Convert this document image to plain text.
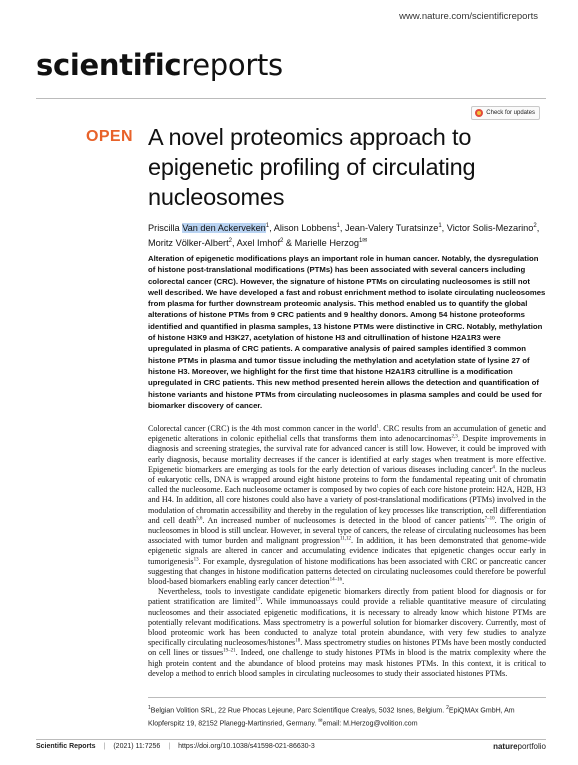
www.nature.com/scientificreports
scientificreports
Check for updates
OPEN A novel proteomics approach to epigenetic profiling of circulating nucleosomes
Priscilla Van den Ackerveken$^1$, Alison Lobbens$^1$, Jean-Valery Turatsinze$^1$, Victor Solis-Mezarino$^2$, Moritz Völker-Albert$^2$, Axel Imhof$^2$ & Marielle Herzog$^{1✉}$

Alteration of epigenetic modifications plays an important role in human cancer. Notably, the dysregulation of histone post-translational modifications (PTMs) has been associated with several cancers including colorectal cancer (CRC). However, the signature of histone PTMs on circulating nucleosomes is still not well described. We have developed a fast and robust enrichment method to isolate circulating nucleosomes from plasma for further downstream proteomic analysis. This method enabled us to quantify the global alterations of histone PTMs from 9 CRC patients and 9 healthy donors. Among 54 histone proteoforms identified and quantified in plasma samples, 13 histone PTMs were distinctive in CRC. Notably, methylation of histone H3K9 and H3K27, acetylation of histone H3 and citrullination of histone H2A1R3 were upregulated in plasma of CRC patients. A comparative analysis of paired samples identified 3 common histone PTMs in plasma and tumor tissue including the methylation and acetylation state of lysine 27 of histone H3. Moreover, we highlight for the first time that histone H2A1R3 citrulline is a modification upregulated in CRC patients. This new method presented herein allows the detection and quantification of histone variants and histone PTMs from circulating nucleosomes in plasma samples and could be used for biomarker discovery of cancer.

Colorectal cancer (CRC) is the 4th most common cancer in the world$^1$. CRC results from an accumulation of genetic and epigenetic alterations in colonic epithelial cells that transforms them into adenocarcinomas$^{2,3}$. Despite improvements in diagnosis and screening strategies, the survival rate for advanced cancer is still low. However, it could be improved with early diagnosis, because mortality decreases if the cancer is identified at early stages when treatment is more effective. Epigenetic biomarkers are emerging as tools for the early detection of various diseases including cancer$^4$. In the nucleus of eukaryotic cells, DNA is wrapped around eight histone proteins to form the fundamental repeating unit of chromatin called the nucleosome. Each nucleosome octamer is composed by two copies of each core histone protein: H2A, H2B, H3 and H4. In addition, all core histones could also have a variety of post-translational modifications (PTMs) involved in the modulation of chromatin accessibility and thereby in the regulation of key processes like transcription, cell differentiation and cell death$^{5,6}$. An increased number of nucleosomes is detected in the blood of cancer patients$^{7-10}$. The origin of nucleosomes in blood is still unclear. However, in several type of cancers, the release of circulating nucleosomes has been associated with tumor burden and malignant progression$^{11,12}$. In addition, it has been demonstrated that genome-wide epigenetic signals are altered in cancer and accumulating evidence indicates that epigenetic changes occur early in tumorigenesis$^{13}$. For example, dysregulation of histone modifications has been associated with CRC or pancreatic cancer suggesting that changes in histone modification patterns detected on circulating nucleosomes could therefore be powerful blood-based biomarkers enabling early cancer detection$^{14-16}$.

Nevertheless, tools to investigate candidate epigenetic biomarkers directly from patient blood for diagnosis or for patient stratification are limited$^{17}$. While immunoassays could provide a reliable quantitative measure of circulating nucleosomes and their associated epigenetic modifications, it is necessary to already know which histone PTMs are potentially relevant modifications. Mass spectrometry is a powerful solution for biomarker discovery. Currently, most of blood proteomic work has been conducted to analyze total protein abundance, with very few studies to analyze specifically circulating nucleosomes/histones$^{18}$. Mass spectrometry studies on histones PTMs have been mostly conducted on cell lines or tissues$^{19-21}$. Indeed, one challenge to study histones PTMs in blood is the matrix complexity where the high protein content and the abundance of blood proteins may mask histones PTMs. In this context, it is critical to develop a method to enrich blood samples in circulating nucleosomes to study their associated histones PTMs.

$^1$Belgian Volition SRL, 22 Rue Phocas Lejeune, Parc Scientifique Crealys, 5032 Isnes, Belgium. $^2$EpiQMAx GmbH, Am Klopferspitz 19, 82152 Planegg-Martinsried, Germany. ✉email: M.Herzog@volition.com
Scientific Reports | (2021) 11:7256 | https://doi.org/10.1038/s41598-021-86630-3	natureportfolio
